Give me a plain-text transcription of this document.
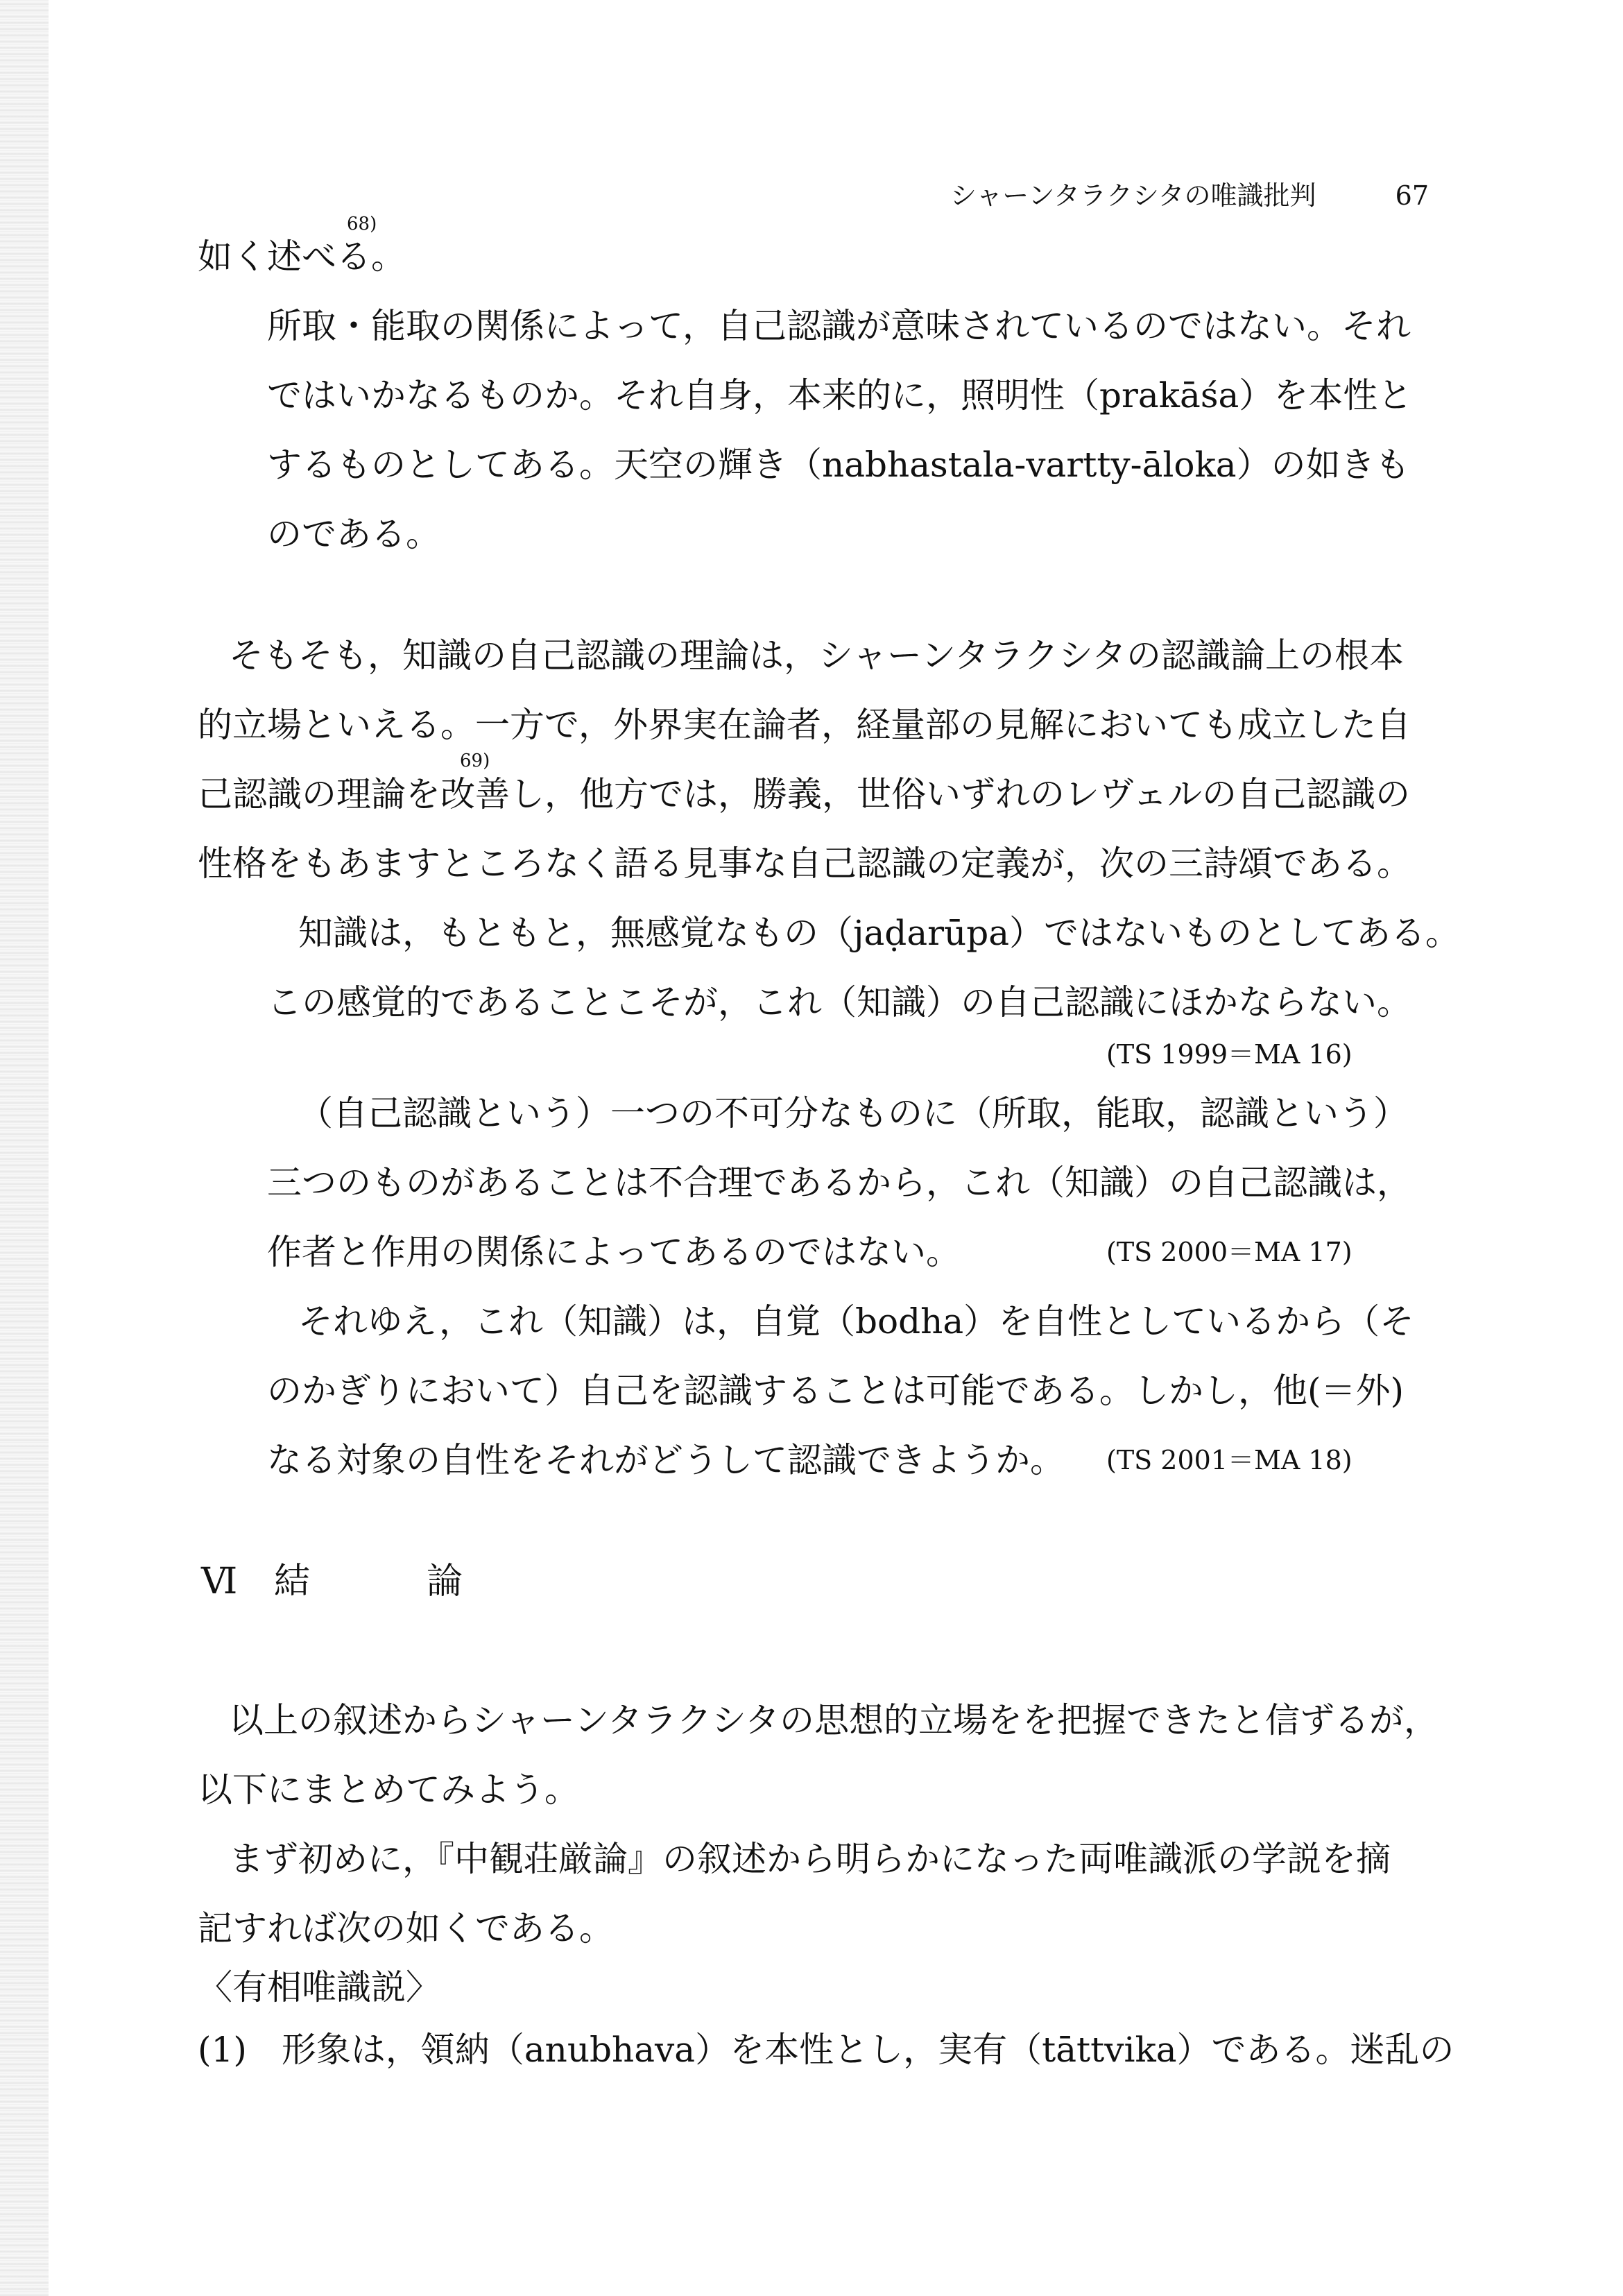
シャーンタラクシタの唯識批判	67
68)
如く述べる。
所取・能取の関係によって，自己認識が意味されているのではない。それ
ではいかなるものか。それ自身，本来的に，照明性（prakāśa）を本性と
するものとしてある。天空の輝き（nabhastala-vartty-āloka）の如きも
のである。
そもそも，知識の自己認識の理論は，シャーンタラクシタの認識論上の根本
的立場といえる。一方で，外界実在論者，経量部の見解においても成立した自
69)
己認識の理論を改善し，他方では，勝義，世俗いずれのレヴェルの自己認識の
性格をもあますところなく語る見事な自己認識の定義が，次の三詩頌である。
知識は，もともと，無感覚なもの（jaḍarūpa）ではないものとしてある。
この感覚的であることこそが，これ（知識）の自己認識にほかならない。
(TS 1999＝MA 16)
（自己認識という）一つの不可分なものに（所取，能取，認識という）
三つのものがあることは不合理であるから，これ（知識）の自己認識は，
作者と作用の関係によってあるのではない。	(TS 2000＝MA 17)
それゆえ，これ（知識）は，自覚（bodha）を自性としているから（そ
のかぎりにおいて）自己を認識することは可能である。しかし，他(＝外)
なる対象の自性をそれがどうして認識できようか。 (TS 2001＝MA 18)
Ⅵ 結	論
以上の叙述からシャーンタラクシタの思想的立場をを把握できたと信ずるが，
以下にまとめてみよう。
まず初めに，『中観荘厳論』の叙述から明らかになった両唯識派の学説を摘
記すれば次の如くである。
〈有相唯識説〉
(1)　形象は，領納（anubhava）を本性とし，実有（tāttvika）である。迷乱の
